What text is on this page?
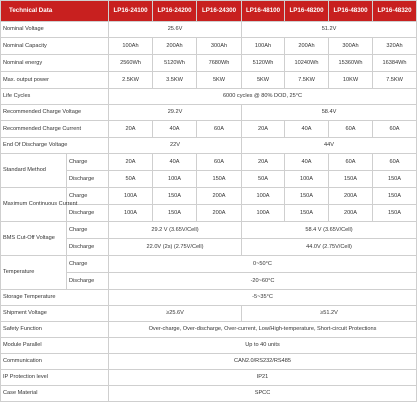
Technical Data		LP16-24100	LP16-24200	LP16-24300	LP16-48100	LP16-48200	LP16-48300	LP16-48320
Nominal Voltage		25.6V			51.2V			
Nominal Capacity		100Ah	200Ah	300Ah	100Ah	200Ah	300Ah	320Ah
Nominal energy		2560Wh	5120Wh	7680Wh	5120Wh	10240Wh	15360Wh	16384Wh
Max. output power		2.5KW	3.5KW	5KW	5KW	7.5KW	10KW	7.5KW
Life Cycles		6000 cycles @ 80% DOD, 25°C						
Recommended Charge Voltage		29.2V			58.4V			
Recommended Charge Current		20A	40A	60A	20A	40A	60A	60A
End Of Discharge Voltage		22V			44V			
Standard Method	Charge	20A	40A	60A	20A	40A	60A	60A
	Discharge	50A	100A	150A	50A	100A	150A	150A
Maximum Continuous Current	Charge	100A	150A	200A	100A	150A	200A	150A
	Discharge	100A	150A	200A	100A	150A	200A	150A
BMS Cut-Off Voltage	Charge	29.2 V (3.65V/Cell)			58.4 V (3.65V/Cell)			
	Discharge	22.0V (2s) (2.75V/Cell)			44.0V (2.75V/Cell)			
Temperature	Charge	0~50°C						
	Discharge	-20~60°C						
Storage Temperature		-5~35°C						
Shipment Voltage		≥25.6V			≥51.2V			
Safety Function		Over-charge, Over-discharge, Over-current, Low/High-temperature, Short-circuit Protections						
Module Parallel		Up to 40 units						
Communication		CAN2.0/RS232/RS485						
IP Protection level		IP21						
Case Material		SPCC						
